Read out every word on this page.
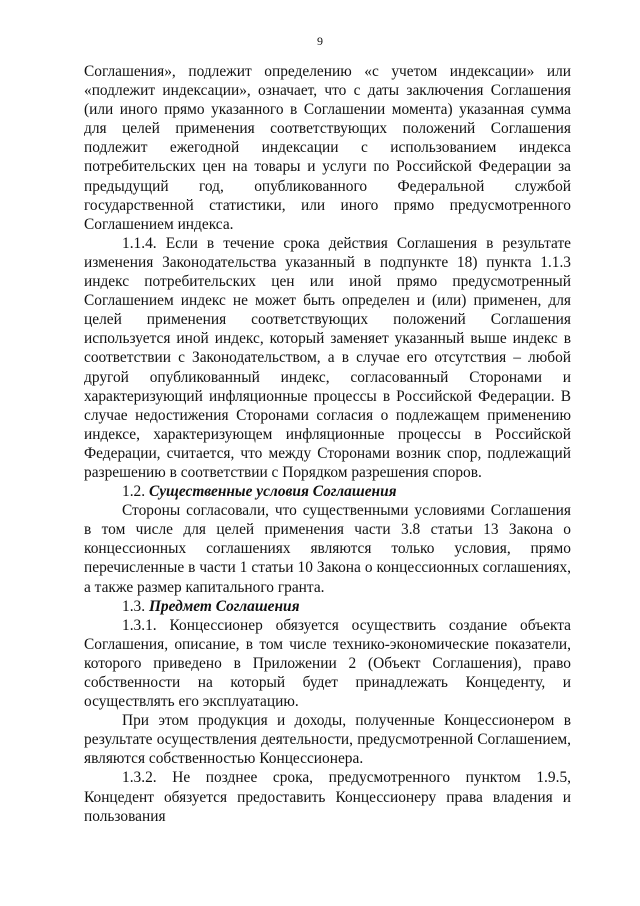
9

Соглашения», подлежит определению «с учетом индексации» или «подлежит индексации», означает, что с даты заключения Соглашения (или иного прямо указанного в Соглашении момента) указанная сумма для целей применения соответствующих положений Соглашения подлежит ежегодной индексации с использованием индекса потребительских цен на товары и услуги по Российской Федерации за предыдущий год, опубликованного Федеральной службой государственной статистики, или иного прямо предусмотренного Соглашением индекса.

1.1.4. Если в течение срока действия Соглашения в результате изменения Законодательства указанный в подпункте 18) пункта 1.1.3 индекс потребительских цен или иной прямо предусмотренный Соглашением индекс не может быть определен и (или) применен, для целей применения соответствующих положений Соглашения используется иной индекс, который заменяет указанный выше индекс в соответствии с Законодательством, а в случае его отсутствия – любой другой опубликованный индекс, согласованный Сторонами и характеризующий инфляционные процессы в Российской Федерации. В случае недостижения Сторонами согласия о подлежащем применению индексе, характеризующем инфляционные процессы в Российской Федерации, считается, что между Сторонами возник спор, подлежащий разрешению в соответствии с Порядком разрешения споров.

1.2. Существенные условия Соглашения

Стороны согласовали, что существенными условиями Соглашения в том числе для целей применения части 3.8 статьи 13 Закона о концессионных соглашениях являются только условия, прямо перечисленные в части 1 статьи 10 Закона о концессионных соглашениях, а также размер капитального гранта.

1.3. Предмет Соглашения

1.3.1. Концессионер обязуется осуществить создание объекта Соглашения, описание, в том числе технико-экономические показатели, которого приведено в Приложении 2 (Объект Соглашения), право собственности на который будет принадлежать Концеденту, и осуществлять его эксплуатацию.

При этом продукция и доходы, полученные Концессионером в результате осуществления деятельности, предусмотренной Соглашением, являются собственностью Концессионера.

1.3.2. Не позднее срока, предусмотренного пунктом 1.9.5, Концедент обязуется предоставить Концессионеру права владения и пользования
